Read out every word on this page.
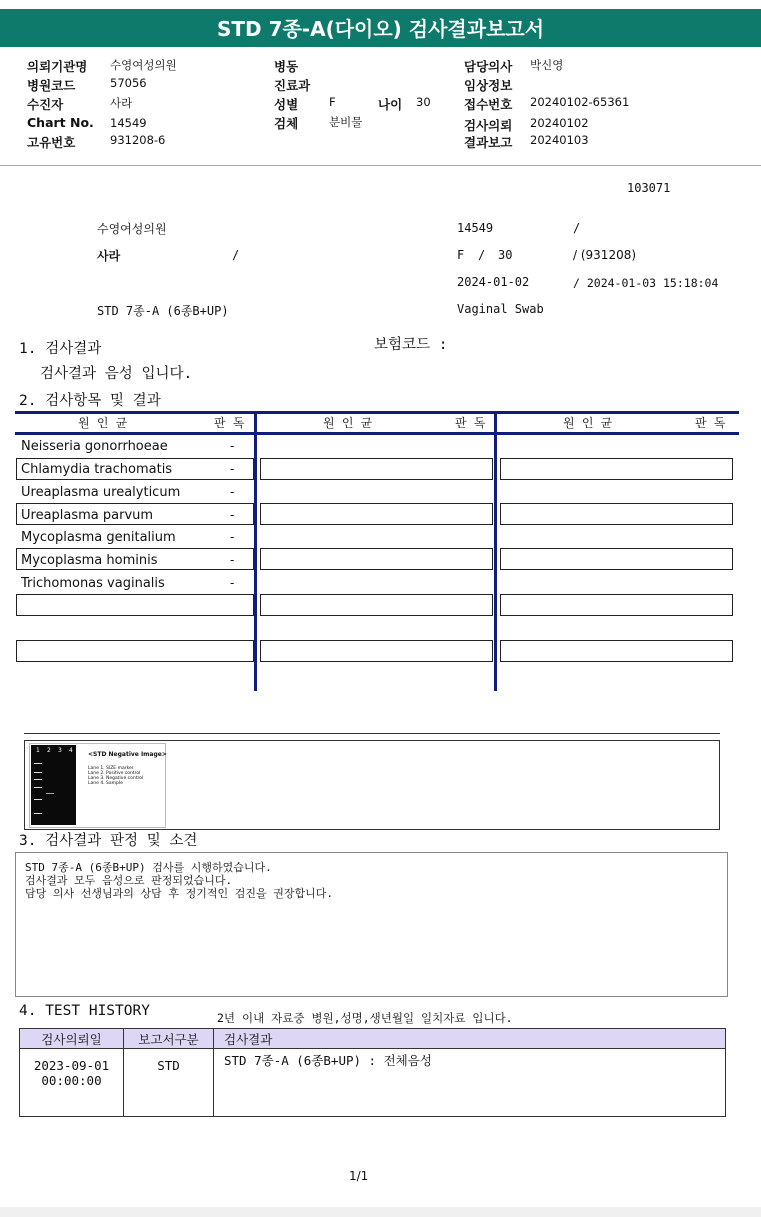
STD 7종-A(다이오) 검사결과보고서
의뢰기관명 수영여성의원
병원코드	57056
수진자	사라
Chart No. 14549
고유번호	931208-6
병동
진료과
성별	F	나이 30
검체	분비물
담당의사 박신영
임상정보
접수번호 20240102-65361
검사의뢰 20240102
결과보고 20240103
103071
수영여성의원	14549	/
사라	/	F / 30	/ (931208)
2024-01-02	/ 2024-01-03 15:18:04
STD 7종-A (6종B+UP)	Vaginal Swab
1. 검사결과	보험코드 :
검사결과 음성 입니다.
2. 검사항목 및 결과
원 인 균	판 독	원 인 균	판 독	원 인 균	판 독
Neisseria gonorrhoeae	-
Chlamydia trachomatis	-
Ureaplasma urealyticum	-
Ureaplasma parvum	-
Mycoplasma genitalium	-
Mycoplasma hominis	-
Trichomonas vaginalis	-
1 2 3 4
<STD Negative Image>
Lane 1. SIZE marker
Lane 2. Positive control
Lane 3. Negative control
Lane 4. Sample
3. 검사결과 판정 및 소견
STD 7종-A (6종B+UP) 검사를 시행하였습니다.
검사결과 모두 음성으로 판정되었습니다.
담당 의사 선생님과의 상담 후 정기적인 검진을 권장합니다.
4. TEST HISTORY	2년 이내 자료중 병원,성명,생년월일 일치자료 입니다.
검사의뢰일	보고서구분	검사결과

2023-09-01
00:00:00	STD	STD 7종-A (6종B+UP) : 전체음성
1/1
